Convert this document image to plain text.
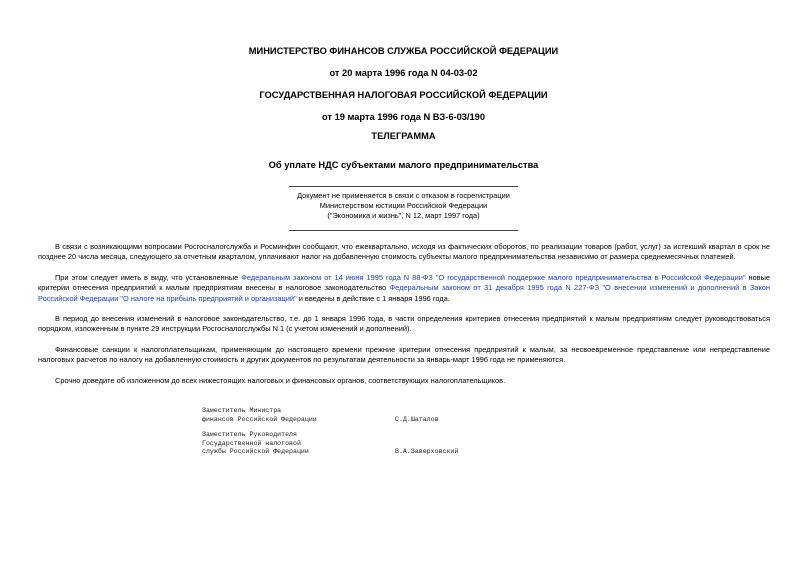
МИНИСТЕРСТВО ФИНАНСОВ СЛУЖБА РОССИЙСКОЙ ФЕДЕРАЦИИ
от 20 марта 1996 года N 04-03-02
ГОСУДАРСТВЕННАЯ НАЛОГОВАЯ РОССИЙСКОЙ ФЕДЕРАЦИИ
от 19 марта 1996 года N ВЗ-6-03/190
ТЕЛЕГРАММА
Об уплате НДС субъектами малого предпринимательства
Документ не применяется в связи с отказом в госрегистрации
Министерством юстиции Российской Федерации
("Экономика и жизнь", N 12, март 1997 года)
В связи с возникающими вопросами Росгоснaлогслужба и Роcминфин сообщают, что ежеквартально, исходя из фактических оборотов, по реализации товаров (работ, услуг) за истекший квартал в срок не позднее 20 числа месяца, следующего за отчетным кварталом, уплачивают налог на добавленную стоимость субъекты малого предпринимательства независимо от размера среднемесячных платежей.
При этом следует иметь в виду, что установленные Федеральным законом от 14 июня 1995 года N 88-ФЗ "О государственной поддержке малого предпринимательства в Российской Федерации" новые критерии отнесения предприятий к малым предприятиям внесены в налоговое законодательство Федеральным законом от 31 декабря 1995 года N 227-ФЗ "О внесении изменений и дополнений в Закон Российской Федерации "О налоге на прибыль предприятий и организаций" и введены в действие с 1 января 1996 года.
В период до внесения изменений в налоговое законодательство, т.е. до 1 января 1996 года, в части определения критериев отнесения предприятий к малым предприятиям следует руководствоваться порядком, изложенным в пункте 29 инструкции Росгоснaлогслужбы N 1 (с учетом изменений и дополнений).
Финансовые санкции к налогоплательщикам, применяющим до настоящего времени прежние критерии отнесения предприятий к малым, за несвоевременное представление или непредставление налоговых расчетов по налогу на добавленную стоимость и других документов по результатам деятельности за январь-март 1996 года не применяются.
Срочно доведите об изложенном до всех нижестоящих налоговых и финансовых органов, соответствующих налогоплательщиков.
Заместитель Министра
финансов Российской Федерации	С.Д.Шаталов
Заместитель Руководителя
Государственной налоговой
службы Российской Федерации	В.А.Заверховский
